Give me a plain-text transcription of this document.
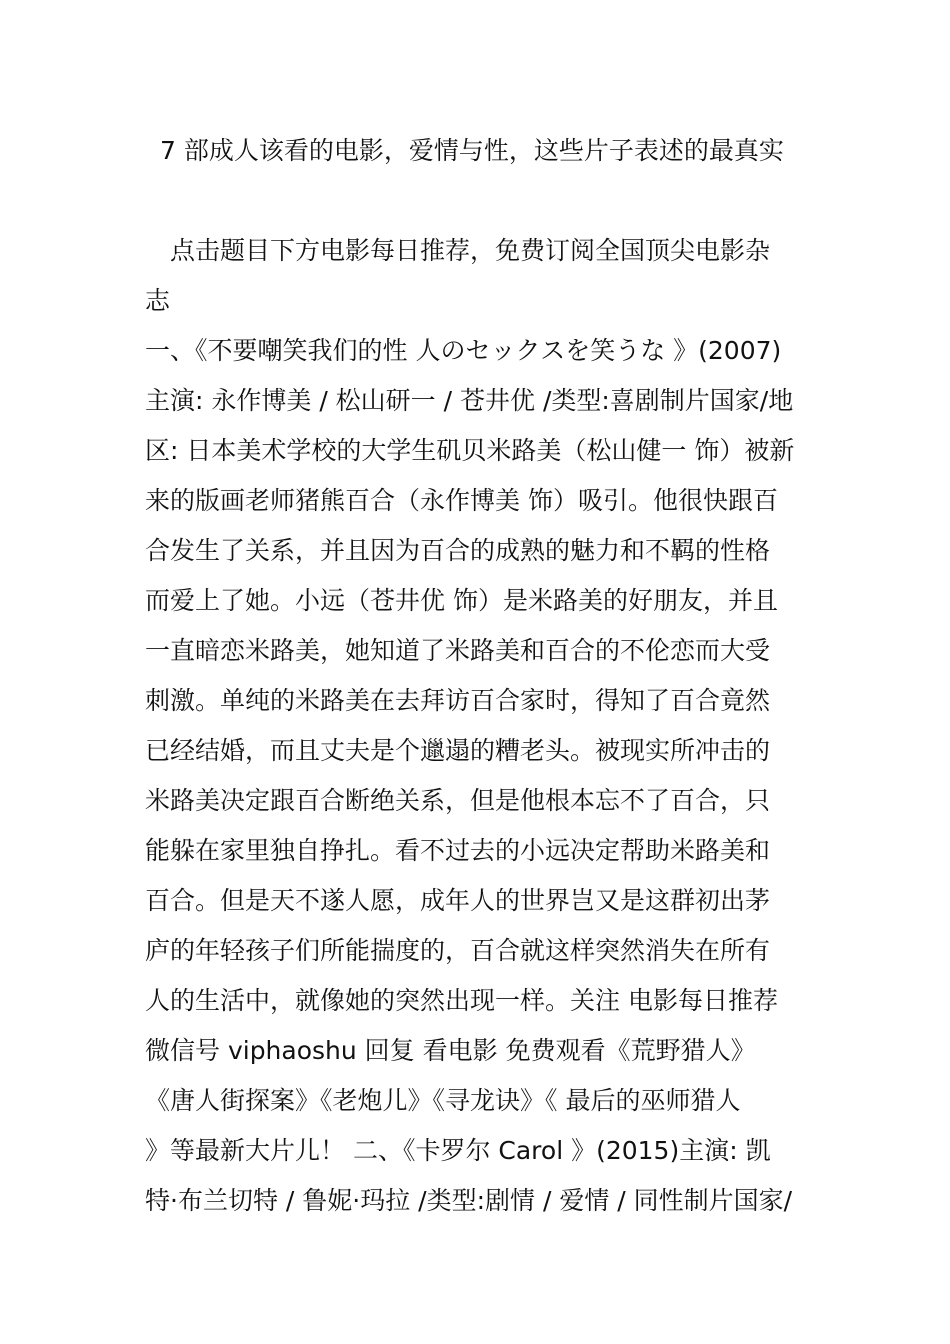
7 部成人该看的电影，爱情与性，这些片子表述的最真实
　点击题目下方电影每日推荐，免费订阅全国顶尖电影杂
志
一、《不要嘲笑我们的性 人のセックスを笑うな 》(2007)
主演: 永作博美 / 松山研一 / 苍井优 /类型:喜剧制片国家/地
区: 日本美术学校的大学生矶贝米路美（松山健一 饰）被新
来的版画老师猪熊百合（永作博美 饰）吸引。他很快跟百
合发生了关系，并且因为百合的成熟的魅力和不羁的性格
而爱上了她。小远（苍井优 饰）是米路美的好朋友，并且
一直暗恋米路美，她知道了米路美和百合的不伦恋而大受
刺激。单纯的米路美在去拜访百合家时，得知了百合竟然
已经结婚，而且丈夫是个邋遢的糟老头。被现实所冲击的
米路美决定跟百合断绝关系，但是他根本忘不了百合，只
能躲在家里独自挣扎。看不过去的小远决定帮助米路美和
百合。但是天不遂人愿，成年人的世界岂又是这群初出茅
庐的年轻孩子们所能揣度的，百合就这样突然消失在所有
人的生活中，就像她的突然出现一样。关注 电影每日推荐
微信号 viphaoshu 回复 看电影 免费观看《荒野猎人》
《唐人街探案》《老炮儿》《寻龙诀》《 最后的巫师猎人
》等最新大片儿！ 二、《卡罗尔 Carol 》(2015)主演: 凯
特·布兰切特 / 鲁妮·玛拉 /类型:剧情 / 爱情 / 同性制片国家/
